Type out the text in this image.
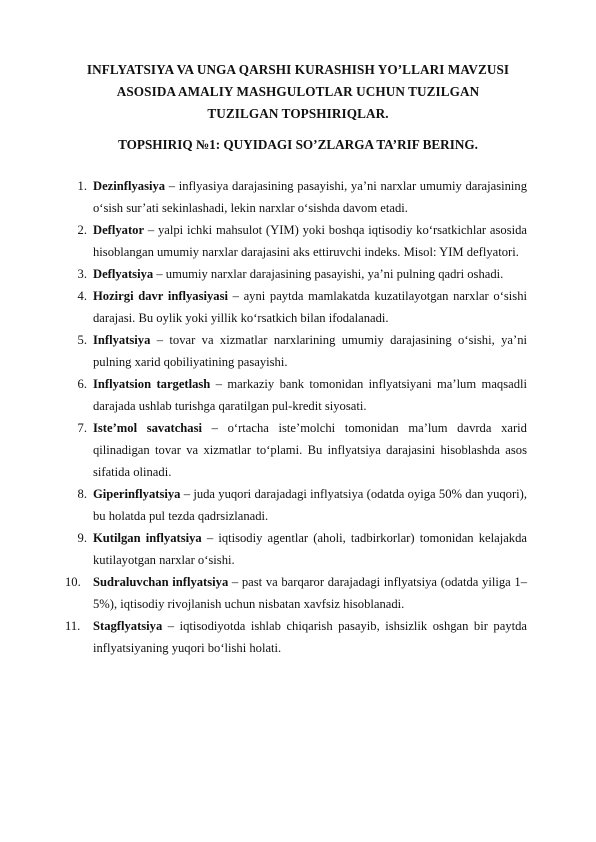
INFLYATSIYA VA UNGA QARSHI KURASHISH YO’LLARI MAVZUSI
ASOSIDA AMALIY MASHGULOTLAR UCHUN TUZILGAN
TUZILGAN TOPSHIRIQLAR.
TOPSHIRIQ №1: QUYIDAGI SO’ZLARGA TA’RIF BERING.
1. Dezinflyasiya – inflyasiya darajasining pasayishi, ya’ni narxlar umumiy darajasining o‘sish sur’ati sekinlashadi, lekin narxlar o‘sishda davom etadi.
2. Deflyator – yalpi ichki mahsulot (YIM) yoki boshqa iqtisodiy ko‘rsatkichlar asosida hisoblangan umumiy narxlar darajasini aks ettiruvchi indeks. Misol: YIM deflyatori.
3. Deflyatsiya – umumiy narxlar darajasining pasayishi, ya’ni pulning qadri oshadi.
4. Hozirgi davr inflyasiyasi – ayni paytda mamlakatda kuzatilayotgan narxlar o‘sishi darajasi. Bu oylik yoki yillik ko‘rsatkich bilan ifodalanadi.
5. Inflyatsiya – tovar va xizmatlar narxlarining umumiy darajasining o‘sishi, ya’ni pulning xarid qobiliyatining pasayishi.
6. Inflyatsion targetlash – markaziy bank tomonidan inflyatsiyani ma’lum maqsadli darajada ushlab turishga qaratilgan pul-kredit siyosati.
7. Iste’mol savatchasi – o‘rtacha iste’molchi tomonidan ma’lum davrda xarid qilinadigan tovar va xizmatlar to‘plami. Bu inflyatsiya darajasini hisoblashda asos sifatida olinadi.
8. Giperinflyatsiya – juda yuqori darajadagi inflyatsiya (odatda oyiga 50% dan yuqori), bu holatda pul tezda qadrsizlanadi.
9. Kutilgan inflyatsiya – iqtisodiy agentlar (aholi, tadbirkorlar) tomonidan kelajakda kutilayotgan narxlar o‘sishi.
10. Sudraluvchan inflyatsiya – past va barqaror darajadagi inflyatsiya (odatda yiliga 1–5%), iqtisodiy rivojlanish uchun nisbatan xavfsiz hisoblanadi.
11.	Stagflyatsiya – iqtisodiyotda ishlab chiqarish pasayib, ishsizlik oshgan bir paytda inflyatsiyaning yuqori bo‘lishi holati.
